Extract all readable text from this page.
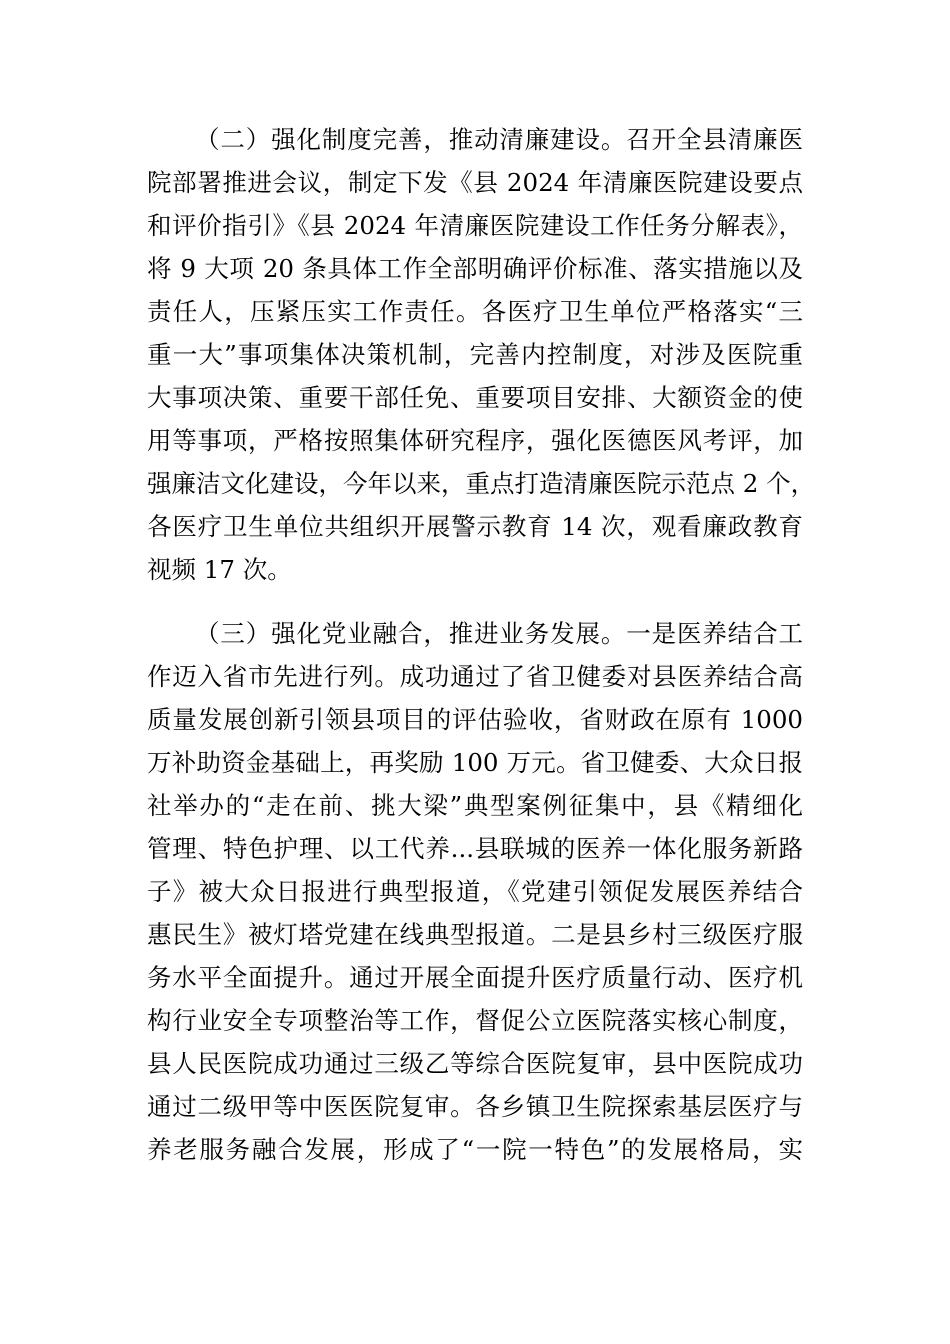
（二）强化制度完善，推动清廉建设。召开全县清廉医
院部署推进会议，制定下发《县 2024 年清廉医院建设要点
和评价指引》《县 2024 年清廉医院建设工作任务分解表》，
将 9 大项 20 条具体工作全部明确评价标准、落实措施以及
责任人，压紧压实工作责任。各医疗卫生单位严格落实“三
重一大”事项集体决策机制，完善内控制度，对涉及医院重
大事项决策、重要干部任免、重要项目安排、大额资金的使
用等事项，严格按照集体研究程序，强化医德医风考评，加
强廉洁文化建设，今年以来，重点打造清廉医院示范点 2 个，
各医疗卫生单位共组织开展警示教育 14 次，观看廉政教育
视频 17 次。
（三）强化党业融合，推进业务发展。一是医养结合工
作迈入省市先进行列。成功通过了省卫健委对县医养结合高
质量发展创新引领县项目的评估验收，省财政在原有 1000
万补助资金基础上，再奖励 100 万元。省卫健委、大众日报
社举办的“走在前、挑大梁”典型案例征集中，县《精细化
管理、特色护理、以工代养...县联城的医养一体化服务新路
子》被大众日报进行典型报道，《党建引领促发展医养结合
惠民生》被灯塔党建在线典型报道。二是县乡村三级医疗服
务水平全面提升。通过开展全面提升医疗质量行动、医疗机
构行业安全专项整治等工作，督促公立医院落实核心制度，
县人民医院成功通过三级乙等综合医院复审，县中医院成功
通过二级甲等中医医院复审。各乡镇卫生院探索基层医疗与
养老服务融合发展，形成了“一院一特色”的发展格局，实
